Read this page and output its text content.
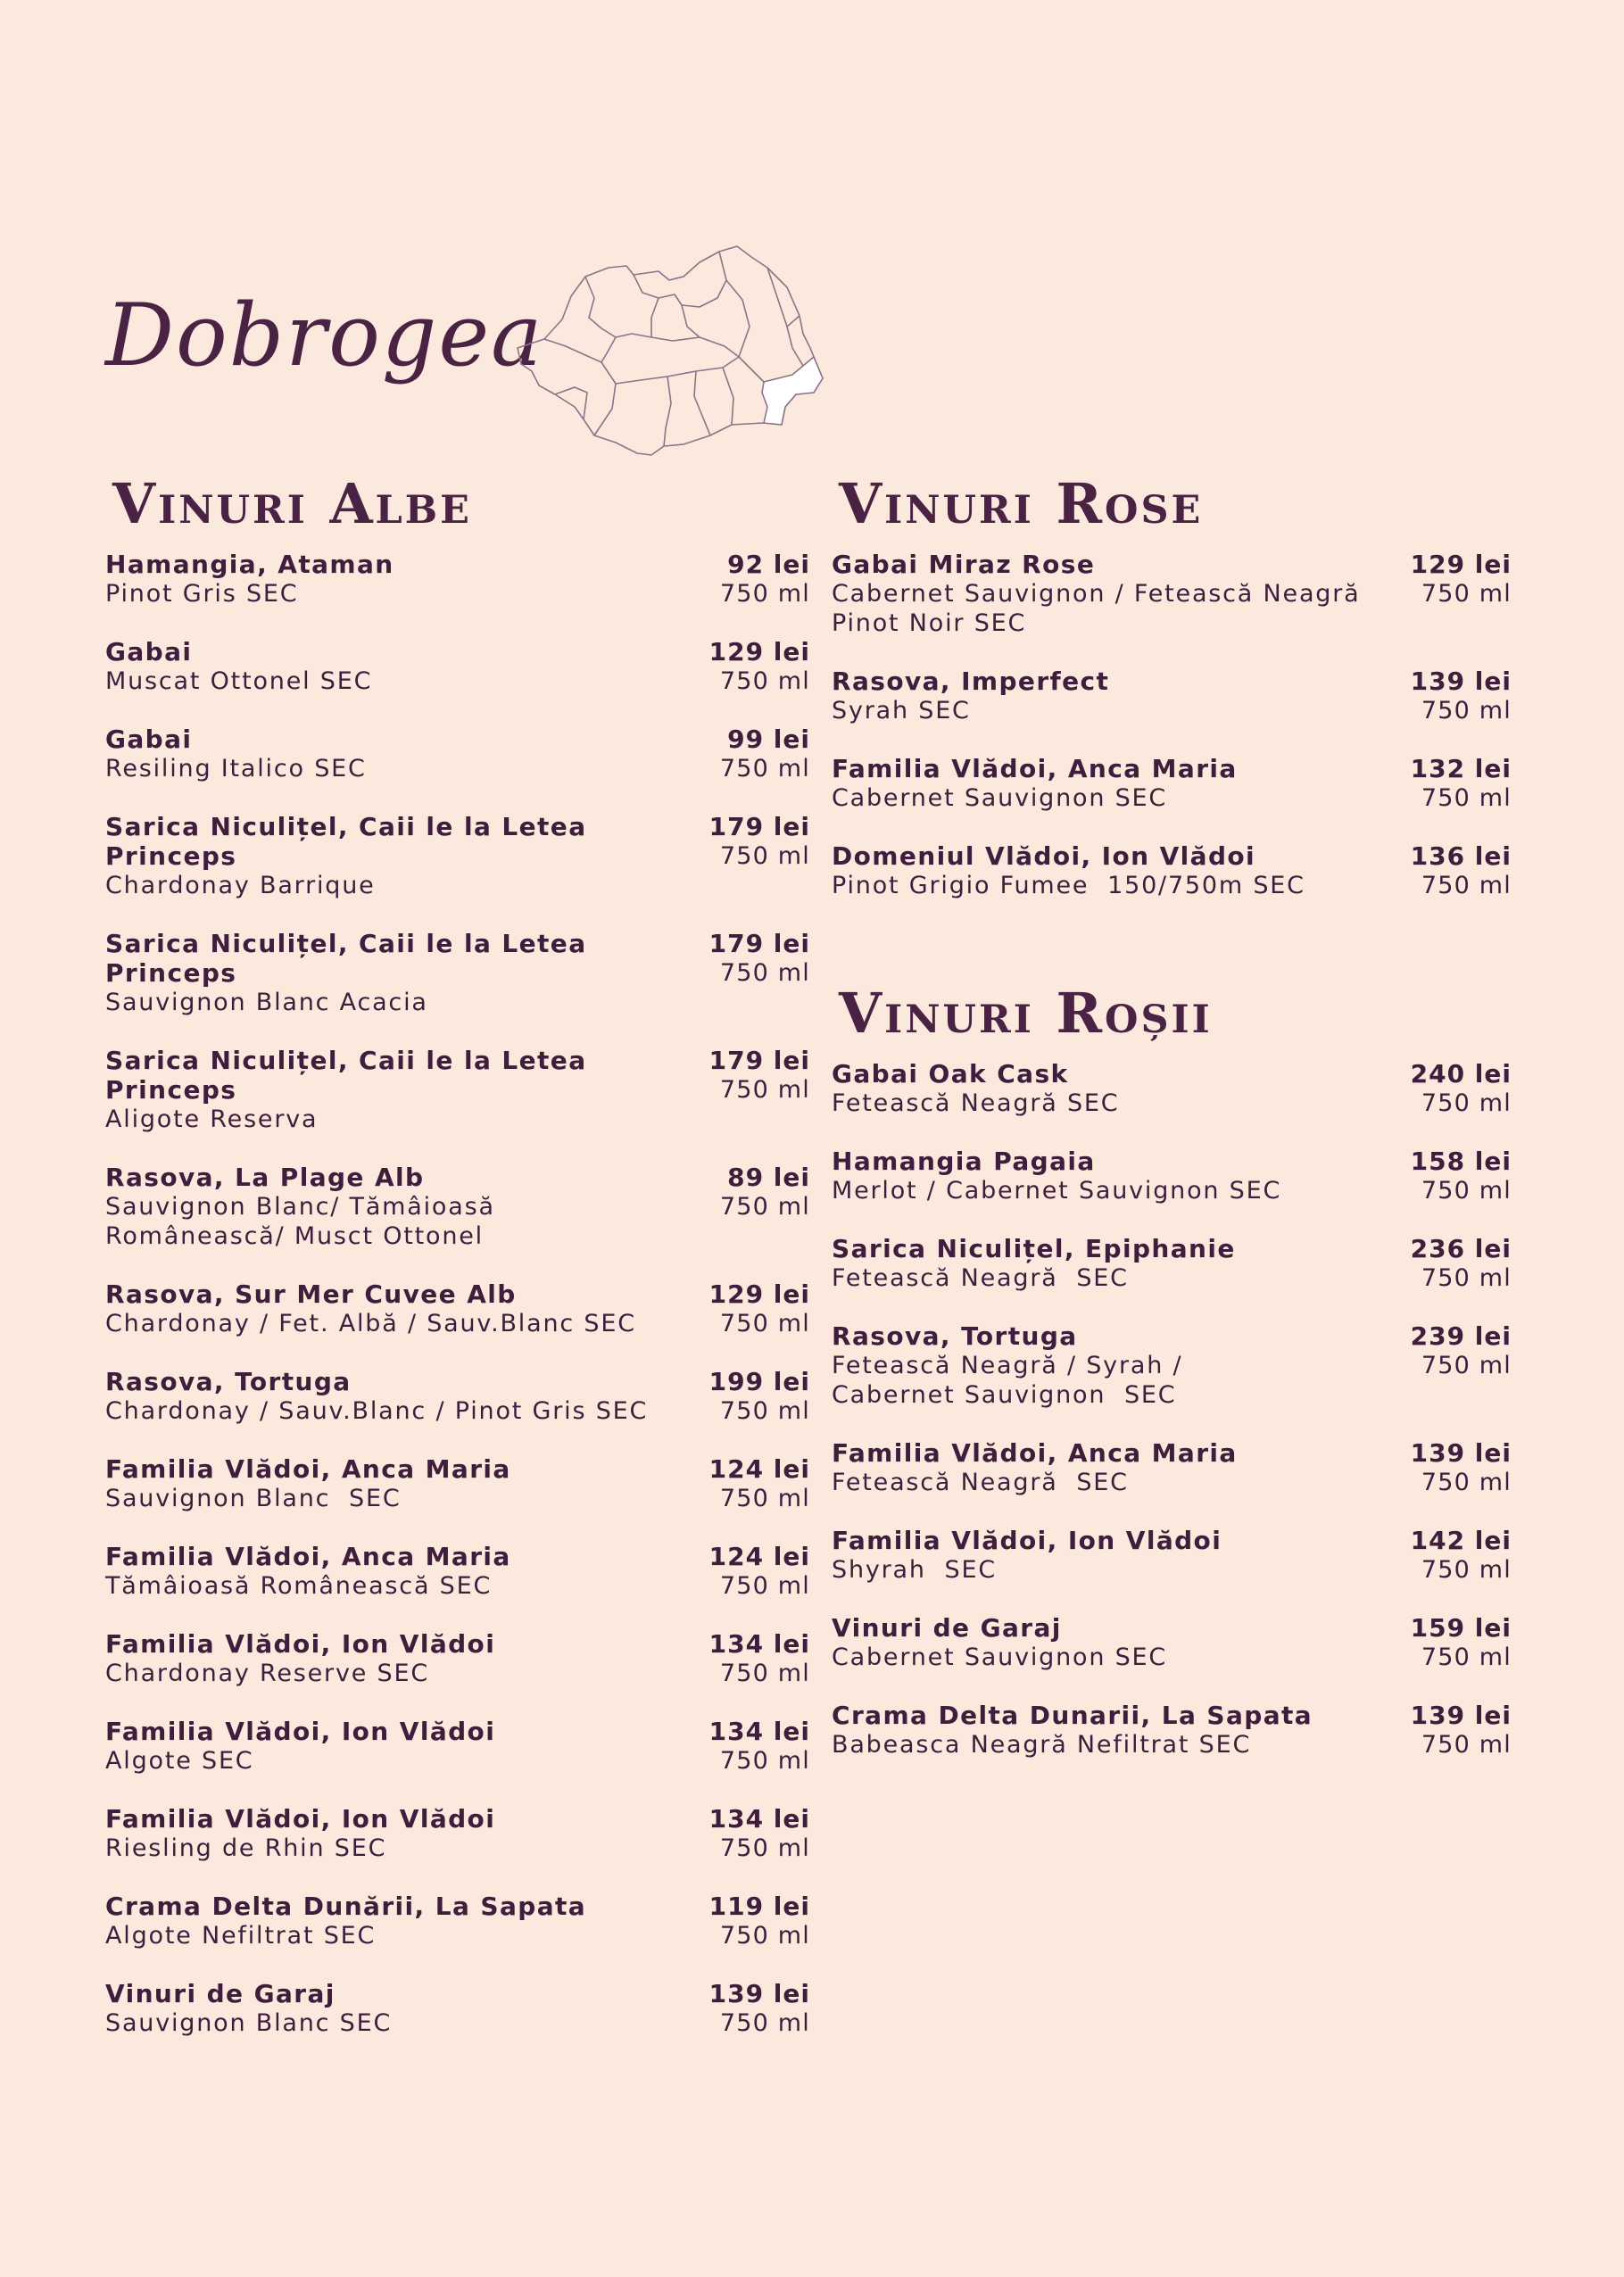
Dobrogea
Vinuri Albe
Hamangia, Ataman
Pinot Gris SEC
92 lei
750 ml
Gabai
Muscat Ottonel SEC
129 lei
750 ml
Gabai
Resiling Italico SEC
99 lei
750 ml
Sarica Niculițel, Caii le la Letea Princeps
Chardonay Barrique
179 lei
750 ml
Sarica Niculițel, Caii le la Letea Princeps
Sauvignon Blanc Acacia
179 lei
750 ml
Sarica Niculițel, Caii le la Letea Princeps
Aligote Reserva
179 lei
750 ml
Rasova, La Plage Alb
Sauvignon Blanc/ Tămâioasă
Românească/ Musct Ottonel
89 lei
750 ml
Rasova, Sur Mer Cuvee Alb
Chardonay / Fet. Albă / Sauv.Blanc SEC
129 lei
750 ml
Rasova, Tortuga
Chardonay / Sauv.Blanc / Pinot Gris SEC
199 lei
750 ml
Familia Vlădoi, Anca Maria
Sauvignon Blanc  SEC
124 lei
750 ml
Familia Vlădoi, Anca Maria
Tămâioasă Românească SEC
124 lei
750 ml
Familia Vlădoi, Ion Vlădoi
Chardonay Reserve SEC
134 lei
750 ml
Familia Vlădoi, Ion Vlădoi
Algote SEC
134 lei
750 ml
Familia Vlădoi, Ion Vlădoi
Riesling de Rhin SEC
134 lei
750 ml
Crama Delta Dunării, La Sapata
Algote Nefiltrat SEC
119 lei
750 ml
Vinuri de Garaj
Sauvignon Blanc SEC
139 lei
750 ml
Vinuri Rose
Gabai Miraz Rose
Cabernet Sauvignon / Fetească Neagră
Pinot Noir SEC
129 lei
750 ml
Rasova, Imperfect
Syrah SEC
139 lei
750 ml
Familia Vlădoi, Anca Maria
Cabernet Sauvignon SEC
132 lei
750 ml
Domeniul Vlădoi, Ion Vlădoi
Pinot Grigio Fumee  150/750m SEC
136 lei
750 ml
Vinuri Roșii
Gabai Oak Cask
Fetească Neagră SEC
240 lei
750 ml
Hamangia Pagaia
Merlot / Cabernet Sauvignon SEC
158 lei
750 ml
Sarica Niculițel, Epiphanie
Fetească Neagră  SEC
236 lei
750 ml
Rasova, Tortuga
Fetească Neagră / Syrah /
Cabernet Sauvignon  SEC
239 lei
750 ml
Familia Vlădoi, Anca Maria
Fetească Neagră  SEC
139 lei
750 ml
Familia Vlădoi, Ion Vlădoi
Shyrah  SEC
142 lei
750 ml
Vinuri de Garaj
Cabernet Sauvignon SEC
159 lei
750 ml
Crama Delta Dunarii, La Sapata
Babeasca Neagră Nefiltrat SEC
139 lei
750 ml
